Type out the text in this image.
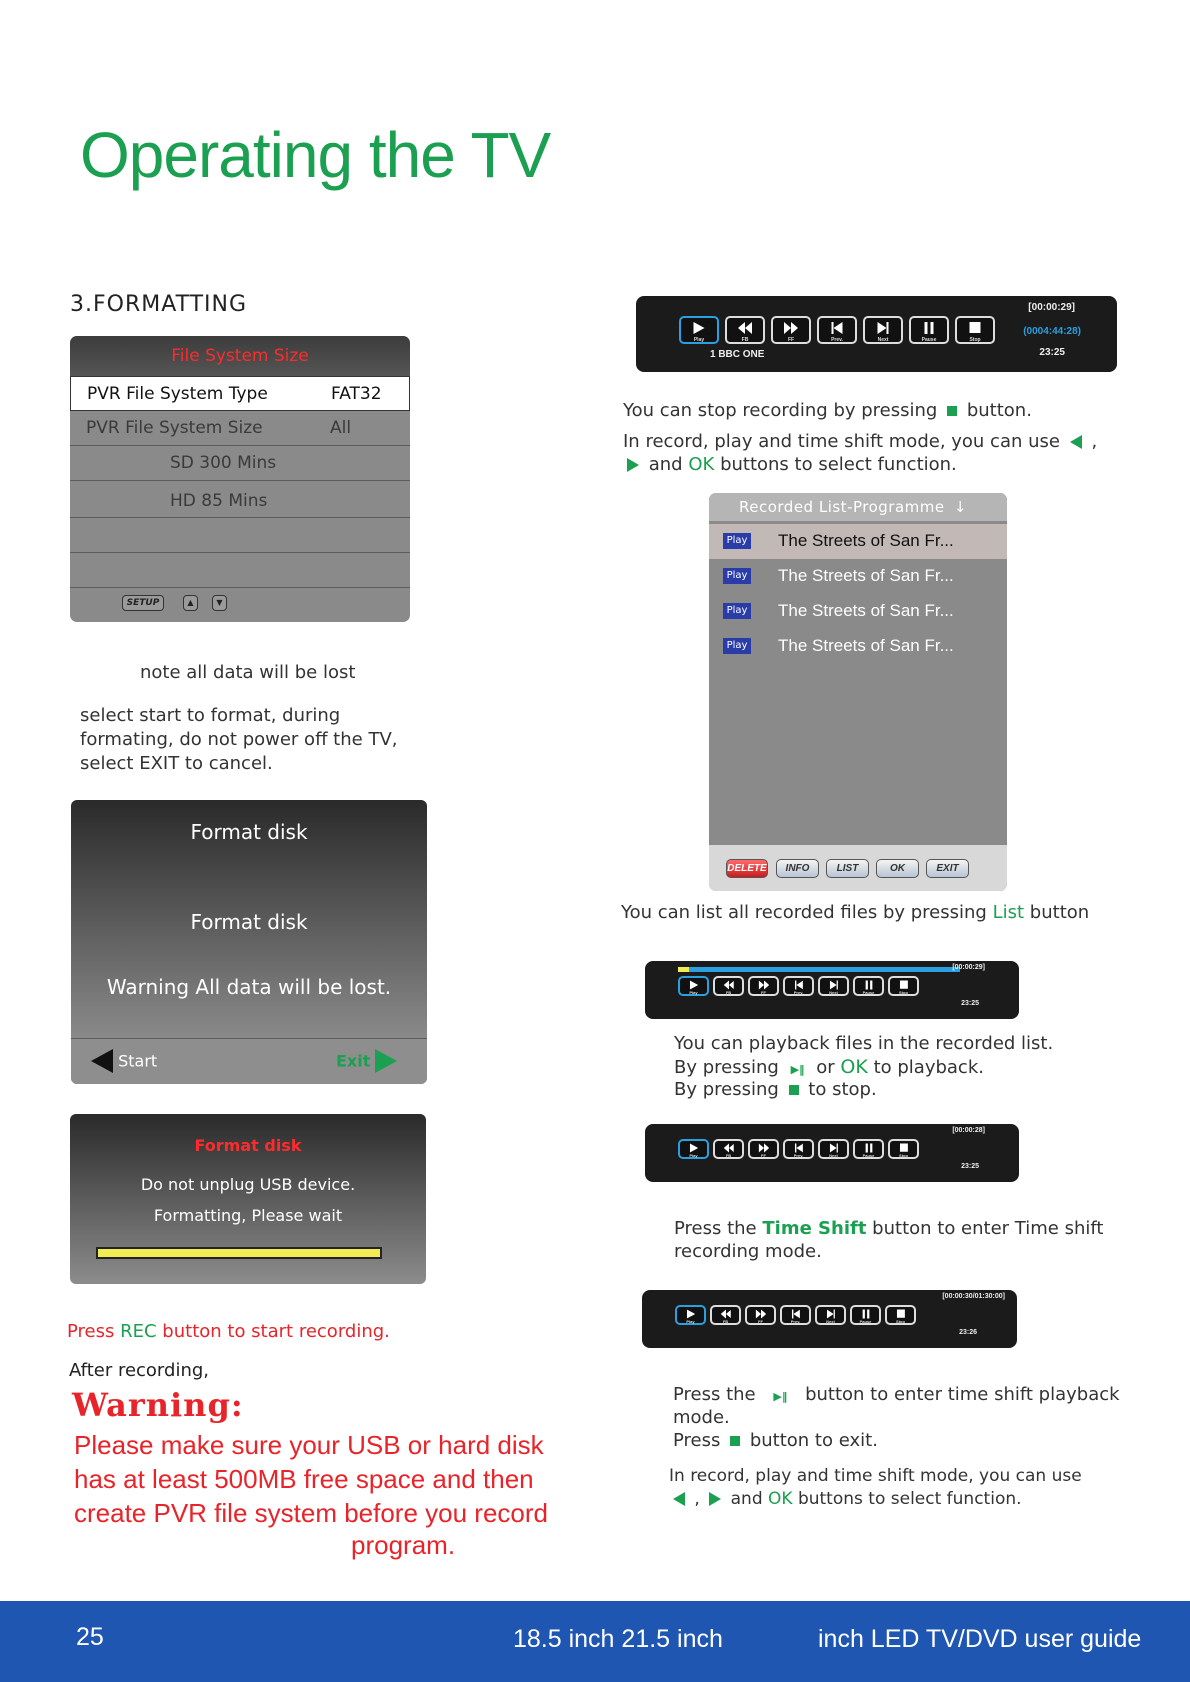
Operating the TV
3.FORMATTING
File System Size
PVR File System Type	FAT32
PVR File System Size	All
SD 300 Mins
HD 85 Mins
SETUP	▲	▼
note all data will be lost
select start to format, during formating, do not power off the TV, select EXIT to cancel.
Format disk
Format disk
Warning All data will be lost.
Start	Exit
Format disk
Do not unplug USB device.
Formatting, Please wait
Press REC button to start recording.
After recording,
Warning:
Please make sure your USB or hard disk has at least 500MB free space and then create PVR file system before you record
program.
[00:00:29]
(0004:44:28)
23:25
1 BBC ONE
Play	FB	FF	Prev.	Next	Pause	Stop
You can stop recording by pressing button.
In record, play and time shift mode, you can use ,
and OK buttons to select function.
Recorded List-Programme ↓
Play The Streets of San Fr...
Play The Streets of San Fr...
Play The Streets of San Fr...
Play The Streets of San Fr...
DELETE	INFO	LIST	OK	EXIT
You can list all recorded files by pressing List button
[00:00:29]
23:25
Play	FB	FF	Prev.	Next	Pause	Stop
You can playback files in the recorded list.
By pressing ▶‖ or OK to playback.
By pressing to stop.
[00:00:28]
23:25
Play	FB	FF	Prev.	Next	Pause	Stop
Press the Time Shift button to enter Time shift
recording mode.
[00:00:30/01:30:00]
23:26
Play	FB	FF	Prev.	Next	Pause	Stop
Press the ▶‖ button to enter time shift playback
mode.
Press button to exit.
In record, play and time shift mode, you can use
, and OK buttons to select function.
25	18.5 inch 21.5 inch	inch LED TV/DVD user guide
